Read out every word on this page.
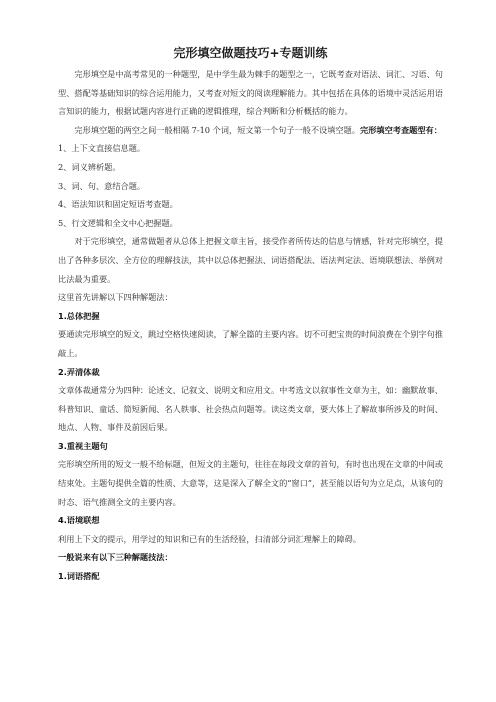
完形填空做题技巧+专题训练

完形填空是中高考常见的一种题型，是中学生最为棘手的题型之一，它既考查对语法、词汇、习语、句型、搭配等基础知识的综合运用能力，又考查对短文的阅读理解能力。其中包括在具体的语境中灵活运用语言知识的能力，根据试题内容进行正确的逻辑推理，综合判断和分析概括的能力。

完形填空题的两空之间一般相隔 7-10 个词，短文第一个句子一般不设填空题。完形填空考查题型有：

1、上下文直接信息题。

2、词义辨析题。

3、词、句、意结合题。

4、语法知识和固定短语考查题。

5、行文逻辑和全文中心把握题。

对于完形填空，通常做题者从总体上把握文章主旨，接受作者所传达的信息与情感，针对完形填空，提出了各种多层次、全方位的理解技法，其中以总体把握法、词语搭配法、语法判定法、语境联想法、举例对比法最为重要。

这里首先讲解以下四种解题法：

1.总体把握

要通读完形填空的短文，跳过空格快速阅读，了解全篇的主要内容。切不可把宝贵的时间浪费在个别字句推敲上。

2.弄清体裁

文章体裁通常分为四种：论述文、记叙文、说明文和应用文。中考选文以叙事性文章为主，如：幽默故事、科普知识、童话、简短新闻、名人轶事、社会热点问题等。读这类文章，要大体上了解故事所涉及的时间、地点、人物、事件及前因后果。

3.重视主题句

完形填空所用的短文一般不给标题，但短文的主题句，往往在每段文章的首句，有时也出现在文章的中间或结束处。主题句提供全篇的性质、大意等，这是深入了解全文的“窗口”，甚至能以语句为立足点，从该句的时态、语气推测全文的主要内容。

4.语境联想

利用上下文的提示，用学过的知识和已有的生活经验，扫清部分词汇理解上的障碍。

一般说来有以下三种解题技法：

1.词语搭配
